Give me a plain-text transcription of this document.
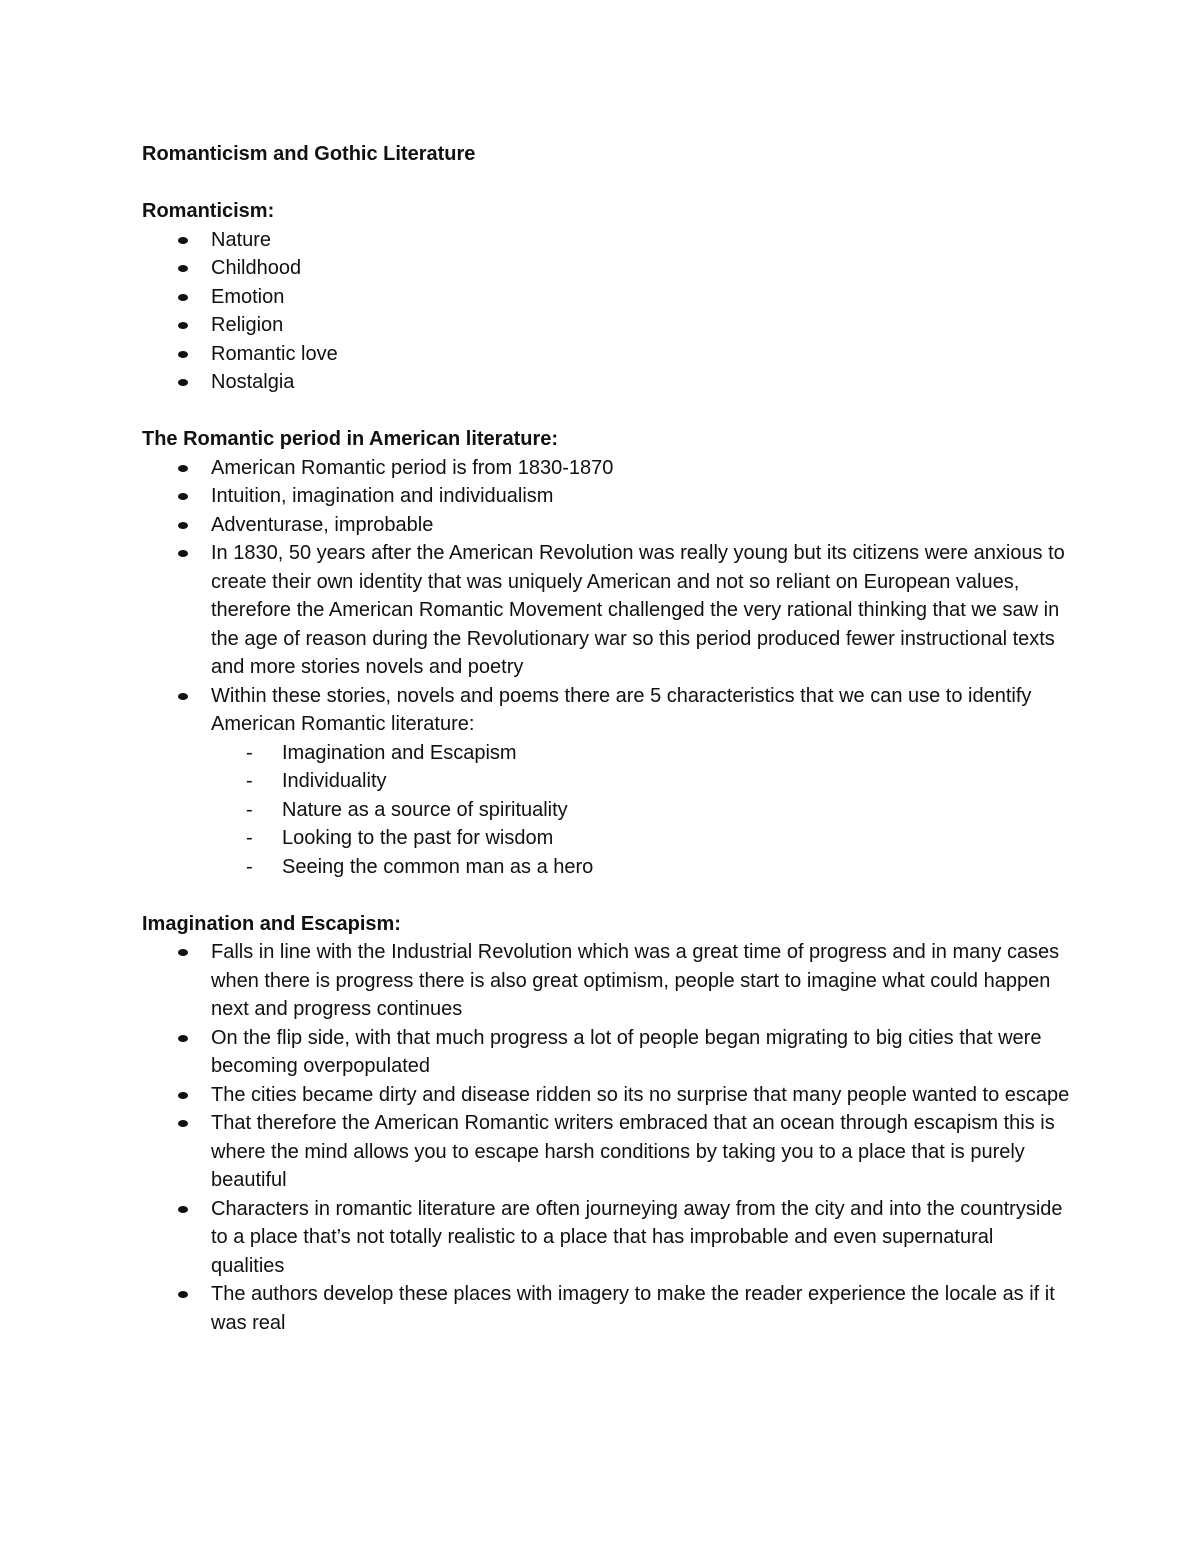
Romanticism and Gothic Literature

Romanticism:

Nature
Childhood
Emotion
Religion
Romantic love
Nostalgia

The Romantic period in American literature:

American Romantic period is from 1830-1870
Intuition, imagination and individualism
Adventurase, improbable
In 1830, 50 years after the American Revolution was really young but its citizens were anxious to create their own identity that was uniquely American and not so reliant on European values, therefore the American Romantic Movement challenged the very rational thinking that we saw in the age of reason during the Revolutionary war so this period produced fewer instructional texts and more stories novels and poetry
Within these stories, novels and poems there are 5 characteristics that we can use to identify American Romantic literature:
- Imagination and Escapism
- Individuality
- Nature as a source of spirituality
- Looking to the past for wisdom
- Seeing the common man as a hero

Imagination and Escapism:

Falls in line with the Industrial Revolution which was a great time of progress and in many cases when there is progress there is also great optimism, people start to imagine what could happen next and progress continues
On the flip side, with that much progress a lot of people began migrating to big cities that were becoming overpopulated
The cities became dirty and disease ridden so its no surprise that many people wanted to escape
That therefore the American Romantic writers embraced that an ocean through escapism this is where the mind allows you to escape harsh conditions by taking you to a place that is purely beautiful
Characters in romantic literature are often journeying away from the city and into the countryside to a place that’s not totally realistic to a place that has improbable and even supernatural qualities
The authors develop these places with imagery to make the reader experience the locale as if it was real
